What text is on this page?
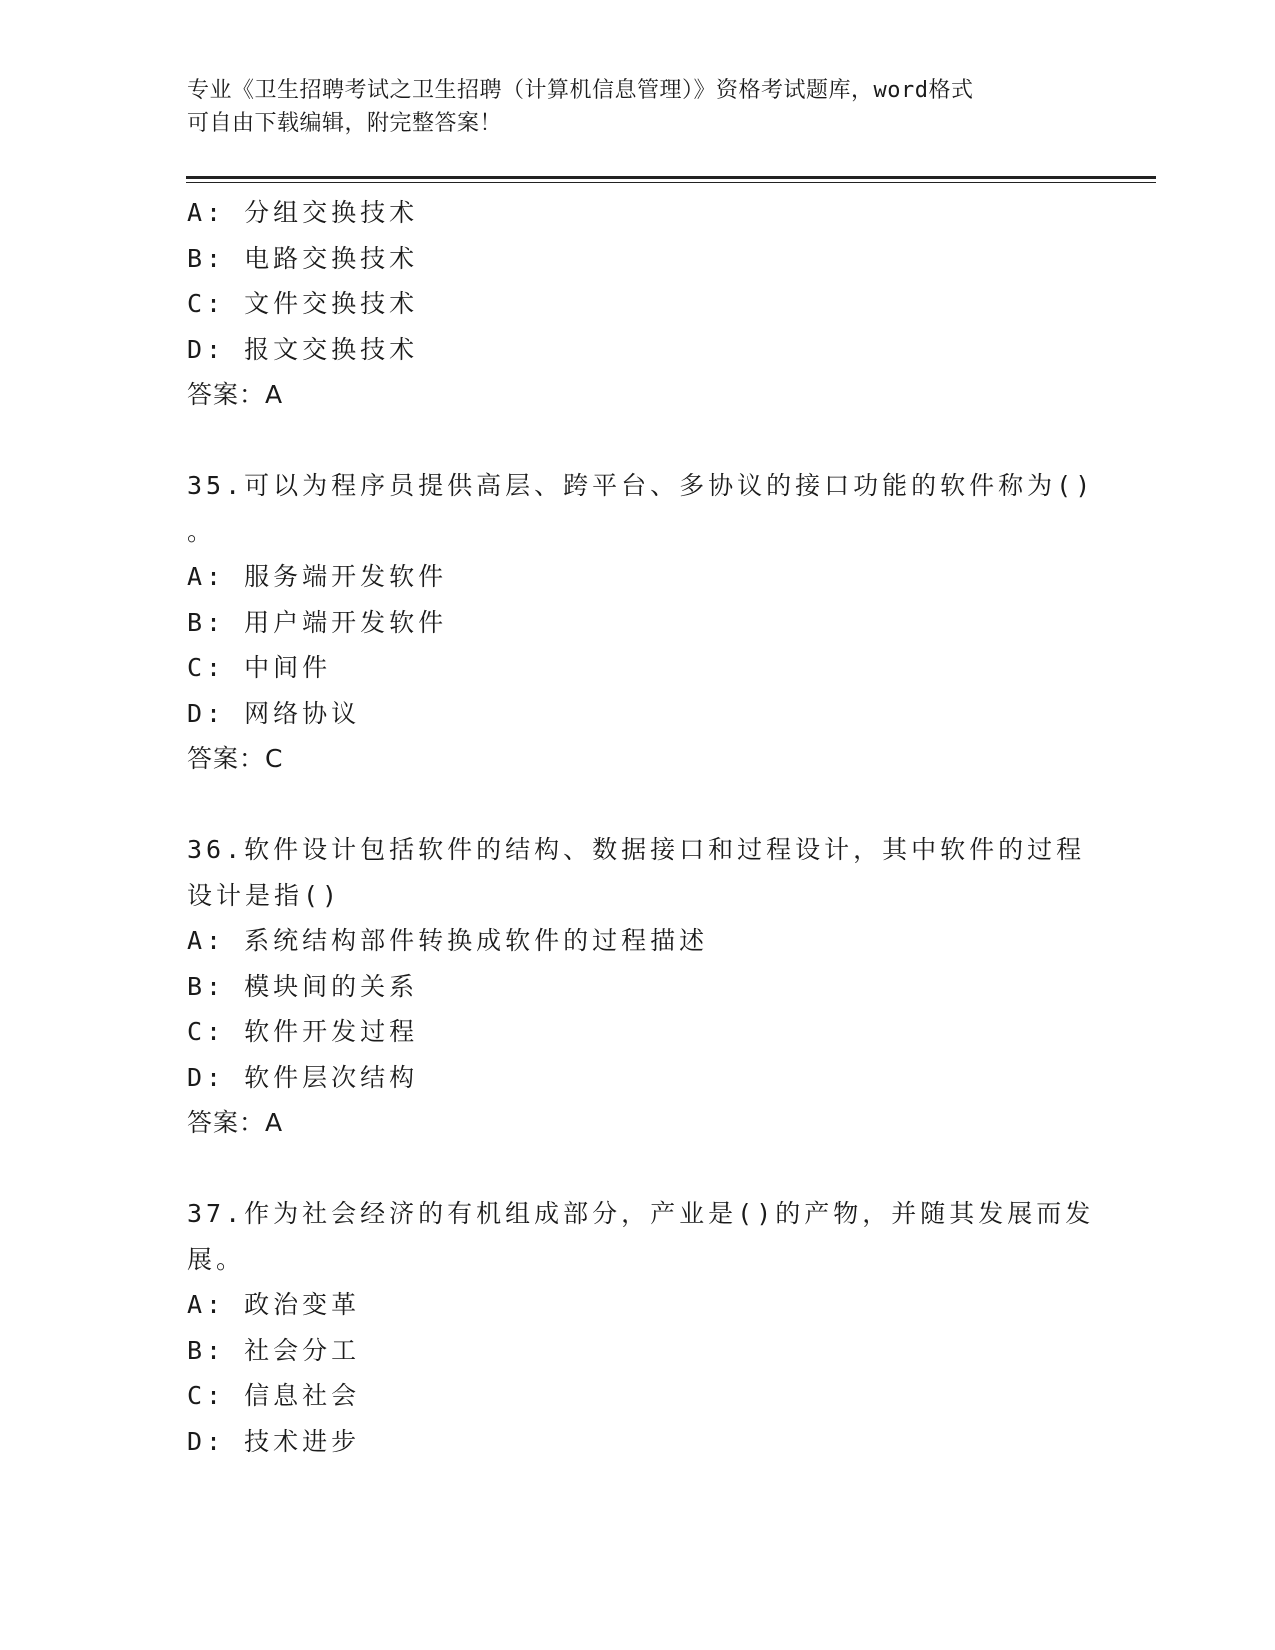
专业《卫生招聘考试之卫生招聘（计算机信息管理）》资格考试题库，word格式
可自由下载编辑，附完整答案！
A: 分组交换技术
B: 电路交换技术
C: 文件交换技术
D: 报文交换技术
答案：A
35.可以为程序员提供高层、跨平台、多协议的接口功能的软件称为()
。
A: 服务端开发软件
B: 用户端开发软件
C: 中间件
D: 网络协议
答案：C
36.软件设计包括软件的结构、数据接口和过程设计，其中软件的过程
设计是指()
A: 系统结构部件转换成软件的过程描述
B: 模块间的关系
C: 软件开发过程
D: 软件层次结构
答案：A
37.作为社会经济的有机组成部分，产业是()的产物，并随其发展而发
展。
A: 政治变革
B: 社会分工
C: 信息社会
D: 技术进步
